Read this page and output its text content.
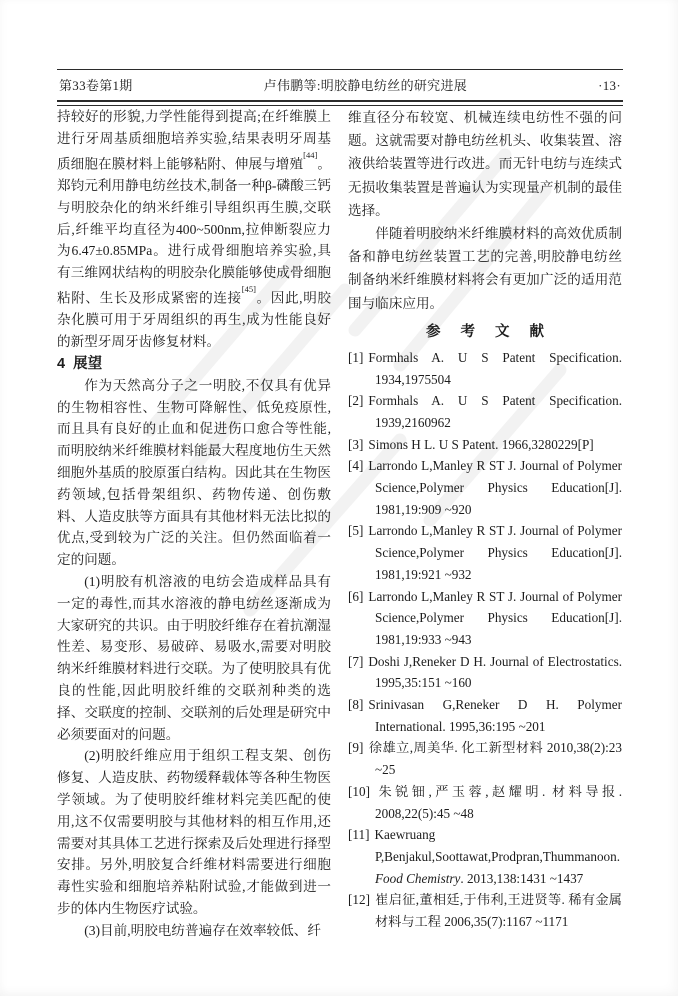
第33卷第1期	卢伟鹏等:明胶静电纺丝的研究进展	·13·

持较好的形貌,力学性能得到提高;在纤维膜上进行牙周基质细胞培养实验,结果表明牙周基质细胞在膜材料上能够粘附、伸展与增殖[44]。郑钧元利用静电纺丝技术,制备一种β-磷酸三钙与明胶杂化的纳米纤维引导组织再生膜,交联后,纤维平均直径为400~500nm,拉伸断裂应力为6.47±0.85MPa。进行成骨细胞培养实验,具有三维网状结构的明胶杂化膜能够使成骨细胞粘附、生长及形成紧密的连接[45]。因此,明胶杂化膜可用于牙周组织的再生,成为性能良好的新型牙周牙齿修复材料。

4  展望

作为天然高分子之一明胶,不仅具有优异的生物相容性、生物可降解性、低免疫原性,而且具有良好的止血和促进伤口愈合等性能,而明胶纳米纤维膜材料能最大程度地仿生天然细胞外基质的胶原蛋白结构。因此其在生物医药领域,包括骨架组织、药物传递、创伤敷料、人造皮肤等方面具有其他材料无法比拟的优点,受到较为广泛的关注。但仍然面临着一定的问题。

(1)明胶有机溶液的电纺会造成样品具有一定的毒性,而其水溶液的静电纺丝逐渐成为大家研究的共识。由于明胶纤维存在着抗潮湿性差、易变形、易破碎、易吸水,需要对明胶纳米纤维膜材料进行交联。为了使明胶具有优良的性能,因此明胶纤维的交联剂种类的选择、交联度的控制、交联剂的后处理是研究中必须要面对的问题。

(2)明胶纤维应用于组织工程支架、创伤修复、人造皮肤、药物缓释载体等各种生物医学领域。为了使明胶纤维材料完美匹配的使用,这不仅需要明胶与其他材料的相互作用,还需要对其具体工艺进行探索及后处理进行择型安排。另外,明胶复合纤维材料需要进行细胞毒性实验和细胞培养粘附试验,才能做到进一步的体内生物医疗试验。

(3)目前,明胶电纺普遍存在效率较低、纤

维直径分布较宽、机械连续电纺性不强的问题。这就需要对静电纺丝机头、收集装置、溶液供给装置等进行改进。而无针电纺与连续式无损收集装置是普遍认为实现量产机制的最佳选择。

伴随着明胶纳米纤维膜材料的高效优质制备和静电纺丝装置工艺的完善,明胶静电纺丝制备纳米纤维膜材料将会有更加广泛的适用范围与临床应用。

参 考 文 献
[1] Formhals A. U S Patent Specification. 1934,1975504
[2] Formhals A. U S Patent Specification. 1939,2160962
[3] Simons H L. U S Patent. 1966,3280229[P]
[4] Larrondo L,Manley R ST J. Journal of Polymer Science,Polymer Physics Education[J]. 1981,19:909 ~920
[5] Larrondo L,Manley R ST J. Journal of Polymer Science,Polymer Physics Education[J]. 1981,19:921 ~932
[6] Larrondo L,Manley R ST J. Journal of Polymer Science,Polymer Physics Education[J]. 1981,19:933 ~943
[7] Doshi J,Reneker D H. Journal of Electrostatics. 1995,35:151 ~160
[8] Srinivasan G,Reneker D H. Polymer International. 1995,36:195 ~201
[9] 徐雄立,周美华. 化工新型材料 2010,38(2):23 ~25
[10] 朱锐钿,严玉蓉,赵耀明. 材料导报. 2008,22(5):45 ~48
[11] Kaewruang P,Benjakul,Soottawat,Prodpran,Thummanoon. Food Chemistry. 2013,138:1431 ~1437
[12] 崔启征,董相廷,于伟利,王进贤等. 稀有金属材料与工程 2006,35(7):1167 ~1171
